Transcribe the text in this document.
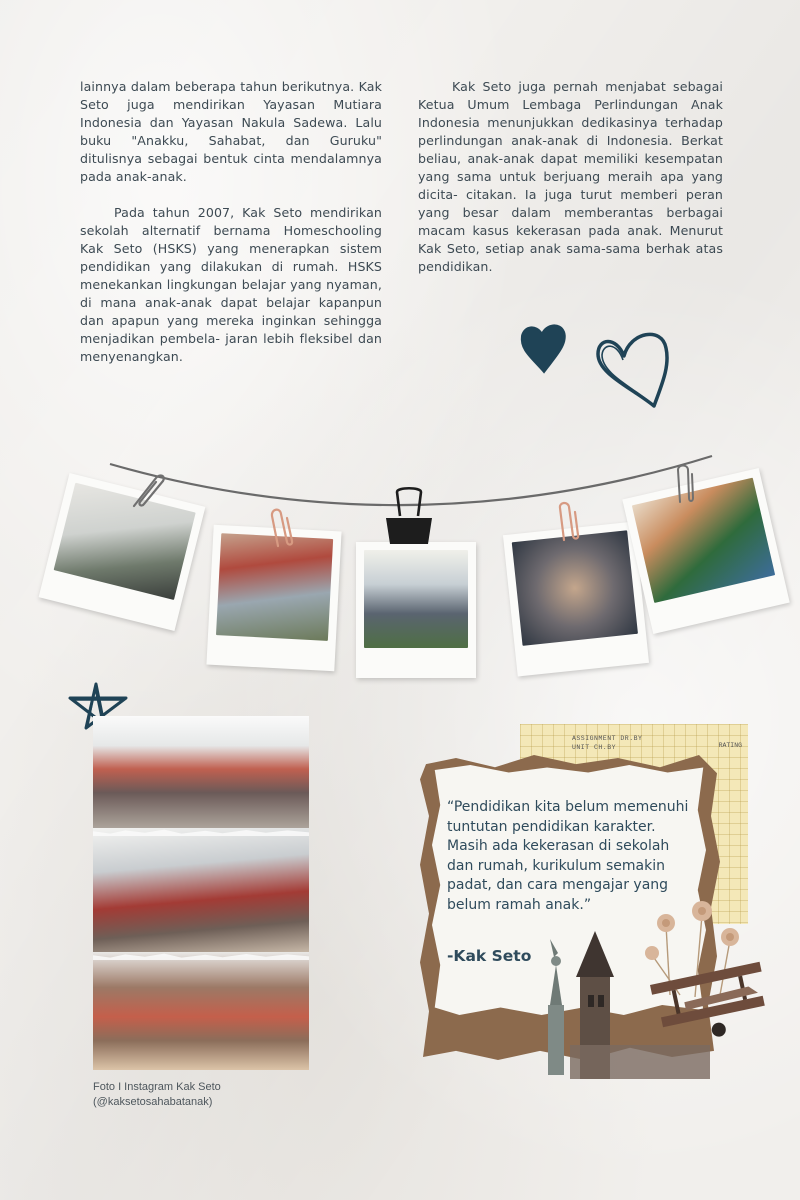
lainnya dalam beberapa tahun berikutnya. Kak Seto juga mendirikan Yayasan Mutiara Indonesia dan Yayasan Nakula Sadewa. Lalu buku "Anakku, Sahabat, dan Guruku" ditulisnya sebagai bentuk cinta mendalamnya pada anak-anak.

Pada tahun 2007, Kak Seto mendirikan sekolah alternatif bernama Homeschooling Kak Seto (HSKS) yang menerapkan sistem pendidikan yang dilakukan di rumah. HSKS menekankan lingkungan belajar yang nyaman, di mana anak-anak dapat belajar kapanpun dan apapun yang mereka inginkan sehingga menjadikan pembela- jaran lebih fleksibel dan menyenangkan.

Kak Seto juga pernah menjabat sebagai Ketua Umum Lembaga Perlindungan Anak Indonesia menunjukkan dedikasinya terhadap perlindungan anak-anak di Indonesia. Berkat beliau, anak-anak dapat memiliki kesempatan yang sama untuk berjuang meraih apa yang dicita- citakan. Ia juga turut memberi peran yang besar dalam memberantas berbagai macam kasus kekerasan pada anak. Menurut Kak Seto, setiap anak sama-sama berhak atas pendidikan.

Foto I Instagram Kak Seto
(@kaksetosahabatanak)
ASSIGNMENT DR.BY
UNIT CH.BY	RATING
“Pendidikan kita belum memenuhi tuntutan pendidikan karakter. Masih ada kekerasan di sekolah dan rumah, kurikulum semakin padat, dan cara mengajar yang belum ramah anak.”
-Kak Seto
